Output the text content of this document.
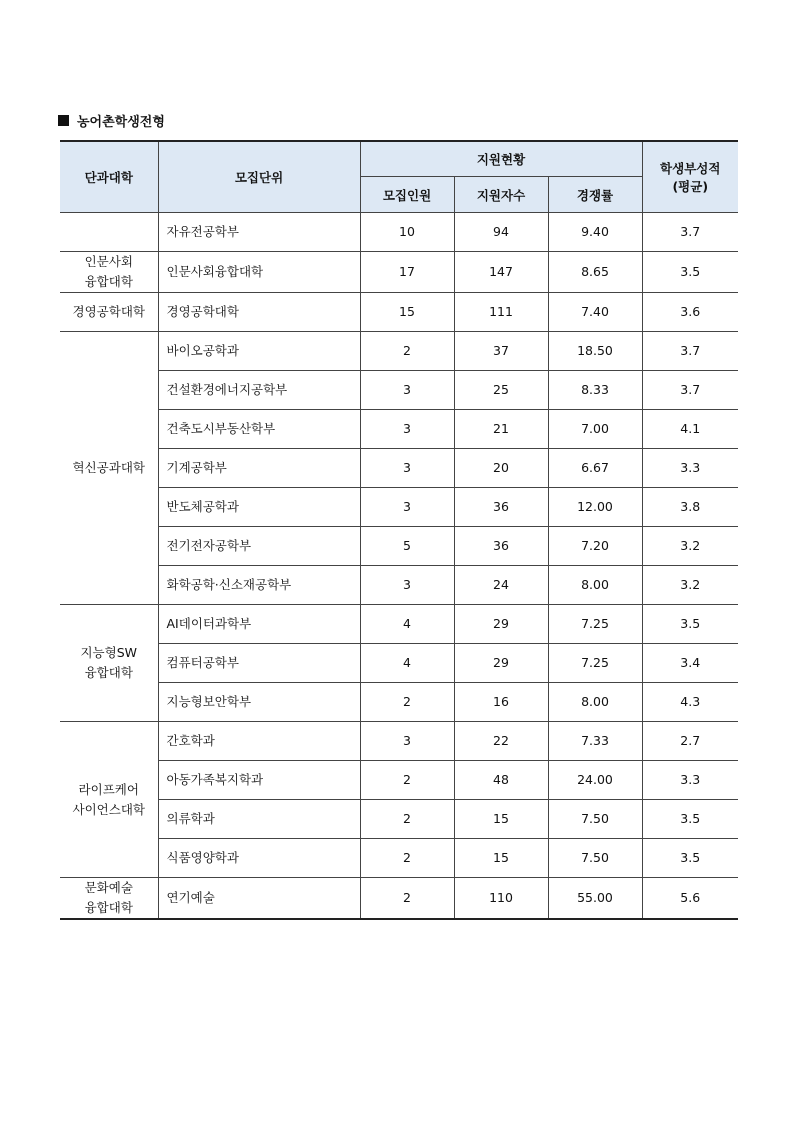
농어촌학생전형
단과대학	모집단위	지원현황			학생부성적
(평균)

		모집인원	지원자수	경쟁률	

	자유전공학부	10	94	9.40	3.7

인문사회
융합대학	인문사회융합대학	17	147	8.65	3.5

경영공학대학	경영공학대학	15	111	7.40	3.6

혁신공과대학	바이오공학과	2	37	18.50	3.7
	건설환경에너지공학부	3	25	8.33	3.7
	건축도시부동산학부	3	21	7.00	4.1
	기계공학부	3	20	6.67	3.3
	반도체공학과	3	36	12.00	3.8
	전기전자공학부	5	36	7.20	3.2
	화학공학·신소재공학부	3	24	8.00	3.2

지능형SW
융합대학	AI데이터과학부	4	29	7.25	3.5
	컴퓨터공학부	4	29	7.25	3.4
	지능형보안학부	2	16	8.00	4.3

라이프케어
사이언스대학	간호학과	3	22	7.33	2.7
	아동가족복지학과	2	48	24.00	3.3
	의류학과	2	15	7.50	3.5
	식품영양학과	2	15	7.50	3.5

문화예술
융합대학	연기예술	2	110	55.00	5.6
